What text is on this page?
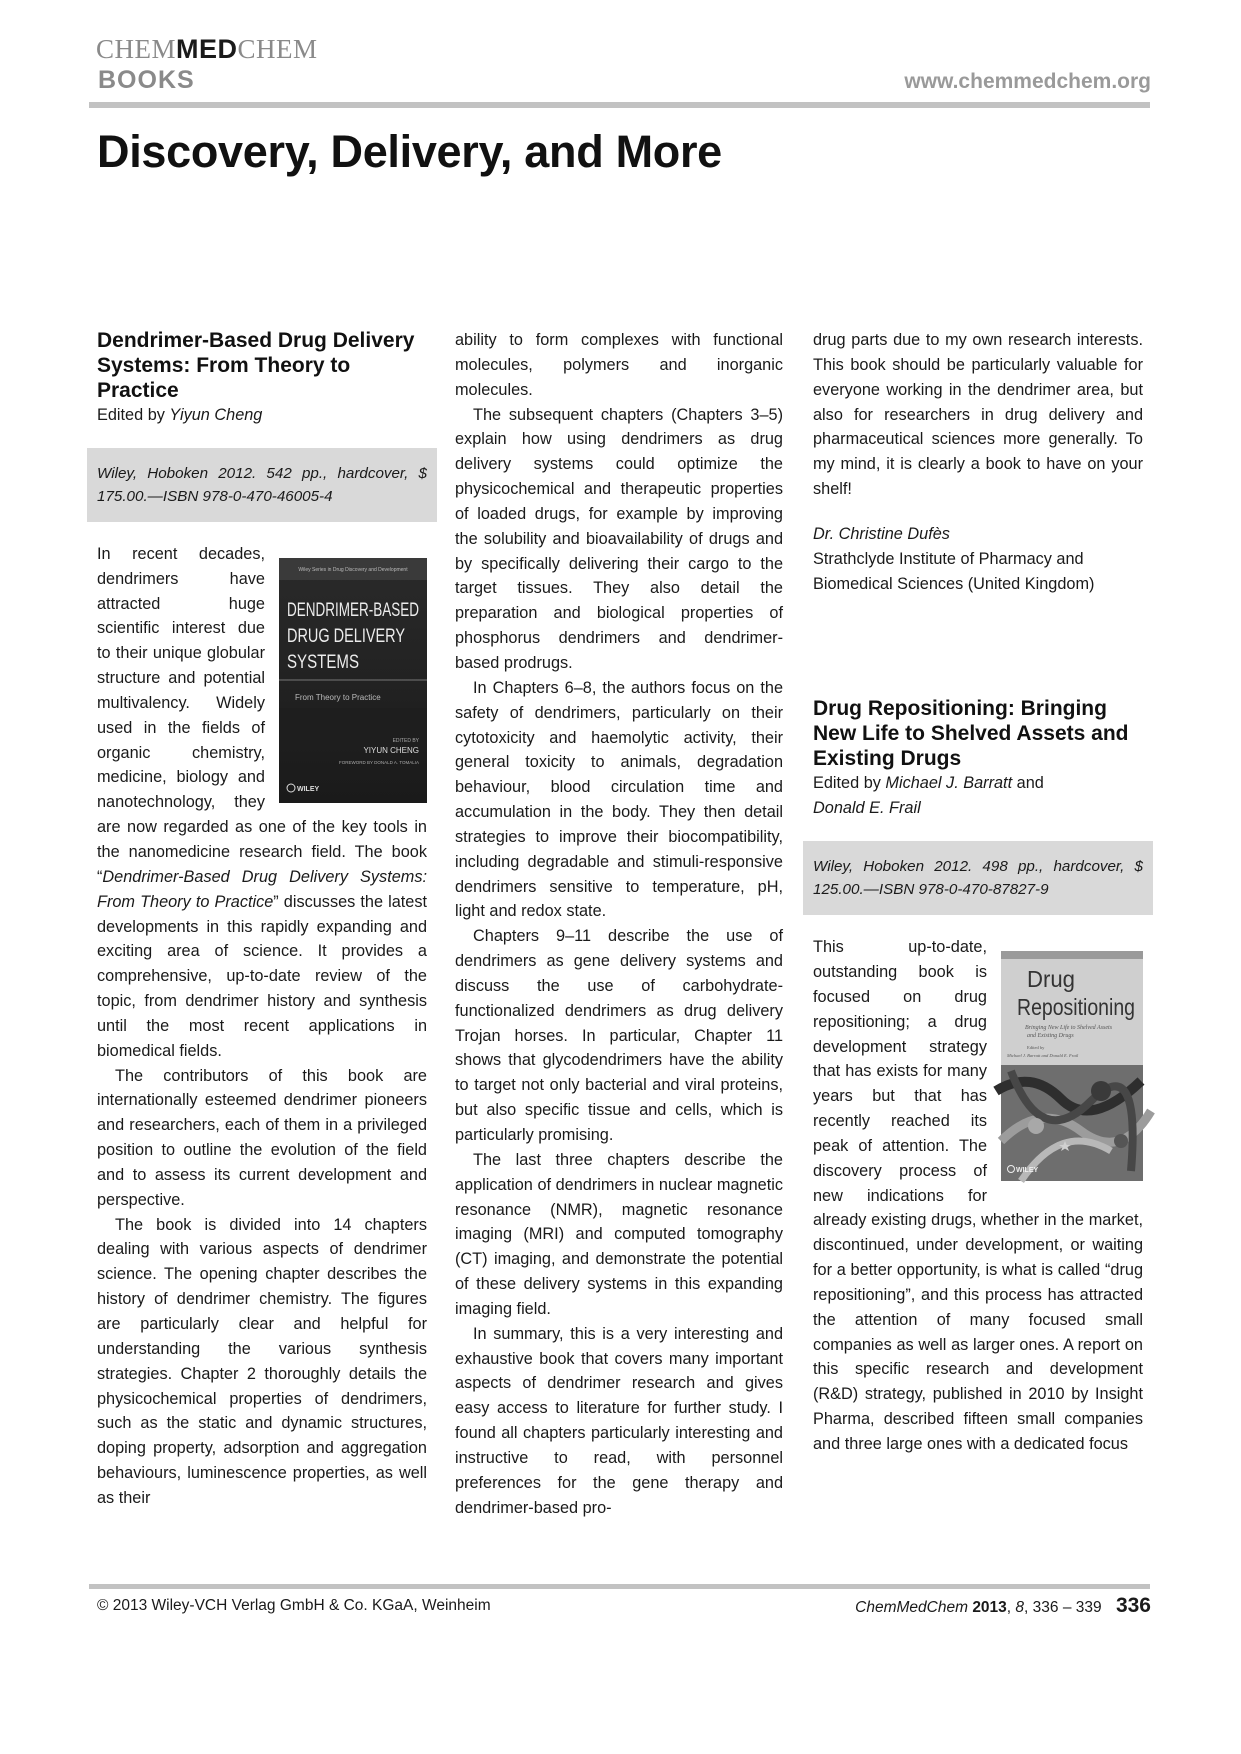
CHEMMEDCHEM
BOOKS	www.chemmedchem.org
Discovery, Delivery, and More
Dendrimer-Based Drug Delivery Systems: From Theory to Practice
Edited by Yiyun Cheng
Wiley, Hoboken 2012. 542 pp., hardcover, $ 175.00.—ISBN 978-0-470-46005-4
Wiley Series in Drug Discovery and Development
DENDRIMER-BASED
DRUG DELIVERY
SYSTEMS
From Theory to Practice
EDITED BY
YIYUN CHENG
FOREWORD BY DONALD A. TOMALIA
WILEY

In recent decades, dendrimers have attracted huge scientific interest due to their unique globular structure and potential multivalency. Widely used in the fields of organic chemistry, medicine, biology and nanotechnology, they are now regarded as one of the key tools in the nanomedicine research field. The book “Dendrimer-Based Drug Delivery Systems: From Theory to Practice” discusses the latest developments in this rapidly expanding and exciting area of science. It provides a comprehensive, up-to-date review of the topic, from dendrimer history and synthesis until the most recent applications in biomedical fields.

The contributors of this book are internationally esteemed dendrimer pioneers and researchers, each of them in a privileged position to outline the evolution of the field and to assess its current development and perspective.

The book is divided into 14 chapters dealing with various aspects of dendrimer science. The opening chapter describes the history of dendrimer chemistry. The figures are particularly clear and helpful for understanding the various synthesis strategies. Chapter 2 thoroughly details the physicochemical properties of dendrimers, such as the static and dynamic structures, doping property, adsorption and aggregation behaviours, luminescence properties, as well as their

ability to form complexes with functional molecules, polymers and inorganic molecules.

The subsequent chapters (Chapters 3–5) explain how using dendrimers as drug delivery systems could optimize the physicochemical and therapeutic properties of loaded drugs, for example by improving the solubility and bioavailability of drugs and by specifically delivering their cargo to the target tissues. They also detail the preparation and biological properties of phosphorus dendrimers and dendrimer-based prodrugs.

In Chapters 6–8, the authors focus on the safety of dendrimers, particularly on their cytotoxicity and haemolytic activity, their general toxicity to animals, degradation behaviour, blood circulation time and accumulation in the body. They then detail strategies to improve their biocompatibility, including degradable and stimuli-responsive dendrimers sensitive to temperature, pH, light and redox state.

Chapters 9–11 describe the use of dendrimers as gene delivery systems and discuss the use of carbohydrate-functionalized dendrimers as drug delivery Trojan horses. In particular, Chapter 11 shows that glycodendrimers have the ability to target not only bacterial and viral proteins, but also specific tissue and cells, which is particularly promising.

The last three chapters describe the application of dendrimers in nuclear magnetic resonance (NMR), magnetic resonance imaging (MRI) and computed tomography (CT) imaging, and demonstrate the potential of these delivery systems in this expanding imaging field.

In summary, this is a very interesting and exhaustive book that covers many important aspects of dendrimer research and gives easy access to literature for further study. I found all chapters particularly interesting and instructive to read, with personnel preferences for the gene therapy and dendrimer-based pro-

drug parts due to my own research interests. This book should be particularly valuable for everyone working in the dendrimer area, but also for researchers in drug delivery and pharmaceutical sciences more generally. To my mind, it is clearly a book to have on your shelf!

Dr. Christine Dufès
Strathclyde Institute of Pharmacy and Biomedical Sciences (United Kingdom)
Drug Repositioning: Bringing New Life to Shelved Assets and Existing Drugs
Edited by Michael J. Barratt and
Donald E. Frail
Wiley, Hoboken 2012. 498 pp., hardcover, $ 125.00.—ISBN 978-0-470-87827-9
Drug
Repositioning
Bringing New Life to Shelved Assets
and Existing Drugs
Edited by
Michael J. Barratt and Donald E. Frail
WILEY

This up-to-date, outstanding book is focused on drug repositioning; a drug development strategy that has exists for many years but that has recently reached its peak of attention. The discovery process of new indications for already existing drugs, whether in the market, discontinued, under development, or waiting for a better opportunity, is what is called “drug repositioning”, and this process has attracted the attention of many focused small companies as well as larger ones. A report on this specific research and development (R&D) strategy, published in 2010 by Insight Pharma, described fifteen small companies and three large ones with a dedicated focus

© 2013 Wiley-VCH Verlag GmbH & Co. KGaA, Weinheim	ChemMedChem 2013, 8, 336 – 339 336
